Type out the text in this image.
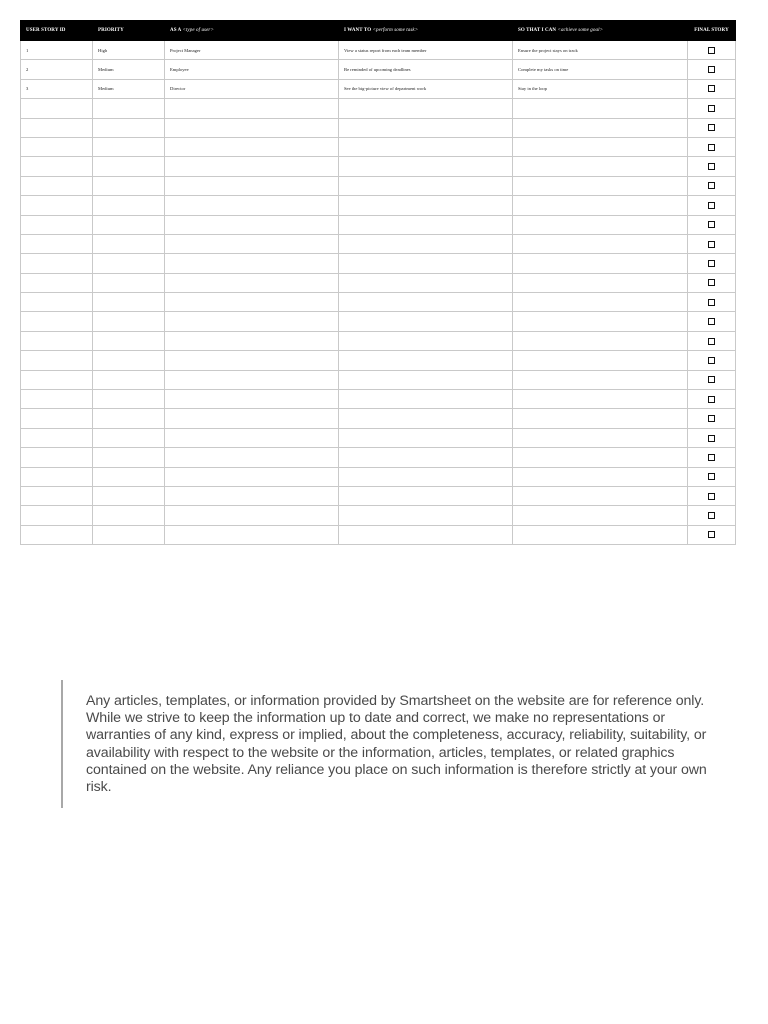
USER STORY ID	PRIORITY	AS A <type of user>	I WANT TO <perform some task>	SO THAT I CAN <achieve some goal>	FINAL STORY
1	High	Project Manager	View a status report from each team member	Ensure the project stays on track	
2	Medium	Employee	Be reminded of upcoming deadlines	Complete my tasks on time	
3	Medium	Director	See the big-picture view of department work	Stay in the loop	

Any articles, templates, or information provided by Smartsheet on the website are for reference only. While we strive to keep the information up to date and correct, we make no representations or warranties of any kind, express or implied, about the completeness, accuracy, reliability, suitability, or availability with respect to the website or the information, articles, templates, or related graphics contained on the website. Any reliance you place on such information is therefore strictly at your own risk.
